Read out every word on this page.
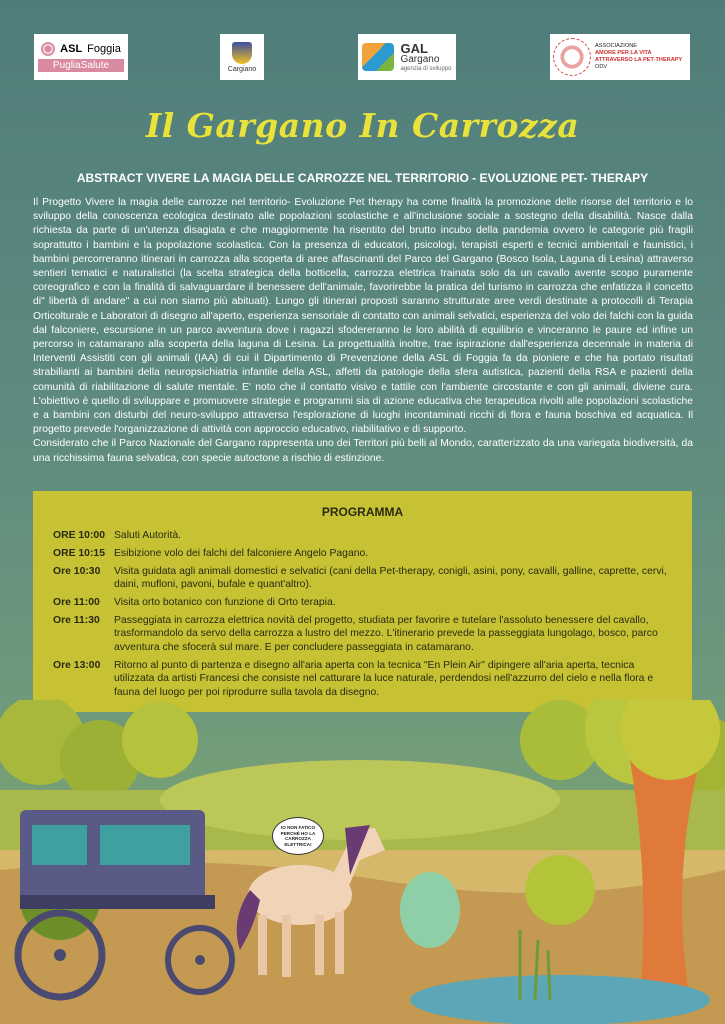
ASL Foggia
PugliaSalute	Cargiano
GAL
Gargano
agenzia di sviluppo
ASSOCIAZIONE
AMORE PER LA VITA
ATTRAVERSO LA PET-THERAPY
ODV
Il Gargano In Carrozza
ABSTRACT VIVERE LA MAGIA DELLE CARROZZE NEL TERRITORIO - EVOLUZIONE PET- THERAPY

Il Progetto Vivere la magia delle carrozze nel territorio- Evoluzione Pet therapy ha come finalità la promozione delle risorse del territorio e lo sviluppo della conoscenza ecologica destinato alle popolazioni scolastiche e all'inclusione sociale a sostegno della disabilità. Nasce dalla richiesta da parte di un'utenza disagiata e che maggiormente ha risentito del brutto incubo della pandemia ovvero le categorie più fragili soprattutto i bambini e la popolazione scolastica. Con la presenza di educatori, psicologi, terapisti esperti e tecnici ambientali e faunistici, i bambini percorreranno itinerari in carrozza alla scoperta di aree affascinanti del Parco del Gargano (Bosco Isola, Laguna di Lesina) attraverso sentieri tematici e naturalistici (la scelta strategica della botticella, carrozza elettrica trainata solo da un cavallo avente scopo puramente coreografico e con la finalità di salvaguardare il benessere dell'animale, favorirebbe la pratica del turismo in carrozza che enfatizza il concetto di" libertà di andare" a cui non siamo più abituati). Lungo gli itinerari proposti saranno strutturate aree verdi destinate a protocolli di Terapia Orticolturale e Laboratori di disegno all'aperto, esperienza sensoriale di contatto con animali selvatici, esperienza del volo dei falchi con la guida dal falconiere, escursione in un parco avventura dove i ragazzi sfodereranno le loro abilità di equilibrio e vinceranno le paure ed infine un percorso in catamarano alla scoperta della laguna di Lesina. La progettualità inoltre, trae ispirazione dall'esperienza decennale in materia di Interventi Assistiti con gli animali (IAA) di cui il Dipartimento di Prevenzione della ASL di Foggia fa da pioniere e che ha portato risultati strabilianti ai bambini della neuropsichiatria infantile della ASL, affetti da patologie della sfera autistica, pazienti della RSA e pazienti della comunità di riabilitazione di salute mentale. E' noto che il contatto visivo e tattile con l'ambiente circostante e con gli animali, diviene cura. L'obiettivo è quello di sviluppare e promuovere strategie e programmi sia di azione educativa che terapeutica rivolti alle popolazioni scolastiche e a bambini con disturbi del neuro-sviluppo attraverso l'esplorazione di luoghi incontaminati ricchi di flora e fauna boschiva ed acquatica. Il progetto prevede l'organizzazione di attività con approccio educativo, riabilitativo e di supporto.

Considerato che il Parco Nazionale del Gargano rappresenta uno dei Territori più belli al Mondo, caratterizzato da una variegata biodiversità, da una ricchissima fauna selvatica, con specie autoctone a rischio di estinzione.

PROGRAMMA
ORE 10:00 Saluti Autorità.
ORE 10:15 Esibizione volo dei falchi del falconiere Angelo Pagano.
Ore 10:30	Visita guidata agli animali domestici e selvatici (cani della Pet-therapy, conigli, asini, pony, cavalli, galline, caprette, cervi, daini, mufloni, pavoni, bufale e quant'altro).
Ore 11:00	Visita orto botanico con funzione di Orto terapia.
Ore 11:30	Passeggiata in carrozza elettrica novità del progetto, studiata per favorire e tutelare l'assoluto benessere del cavallo, trasformandolo da servo della carrozza a lustro del mezzo. L'itinerario prevede la passeggiata lungolago, bosco, parco avventura che sfocerà sul mare. E per concludere passeggiata in catamarano.
Ore 13:00	Ritorno al punto di partenza e disegno all'aria aperta con la tecnica "En Plein Air" dipingere all'aria aperta, tecnica utilizzata da artisti Francesi che consiste nel catturare la luce naturale, perdendosi nell'azzurro del cielo e nella flora e fauna del luogo per poi riprodurre sulla tavola da disegno.
IO NON FATICO PERCHÈ HO LA CARROZZA ELETTRICA!
